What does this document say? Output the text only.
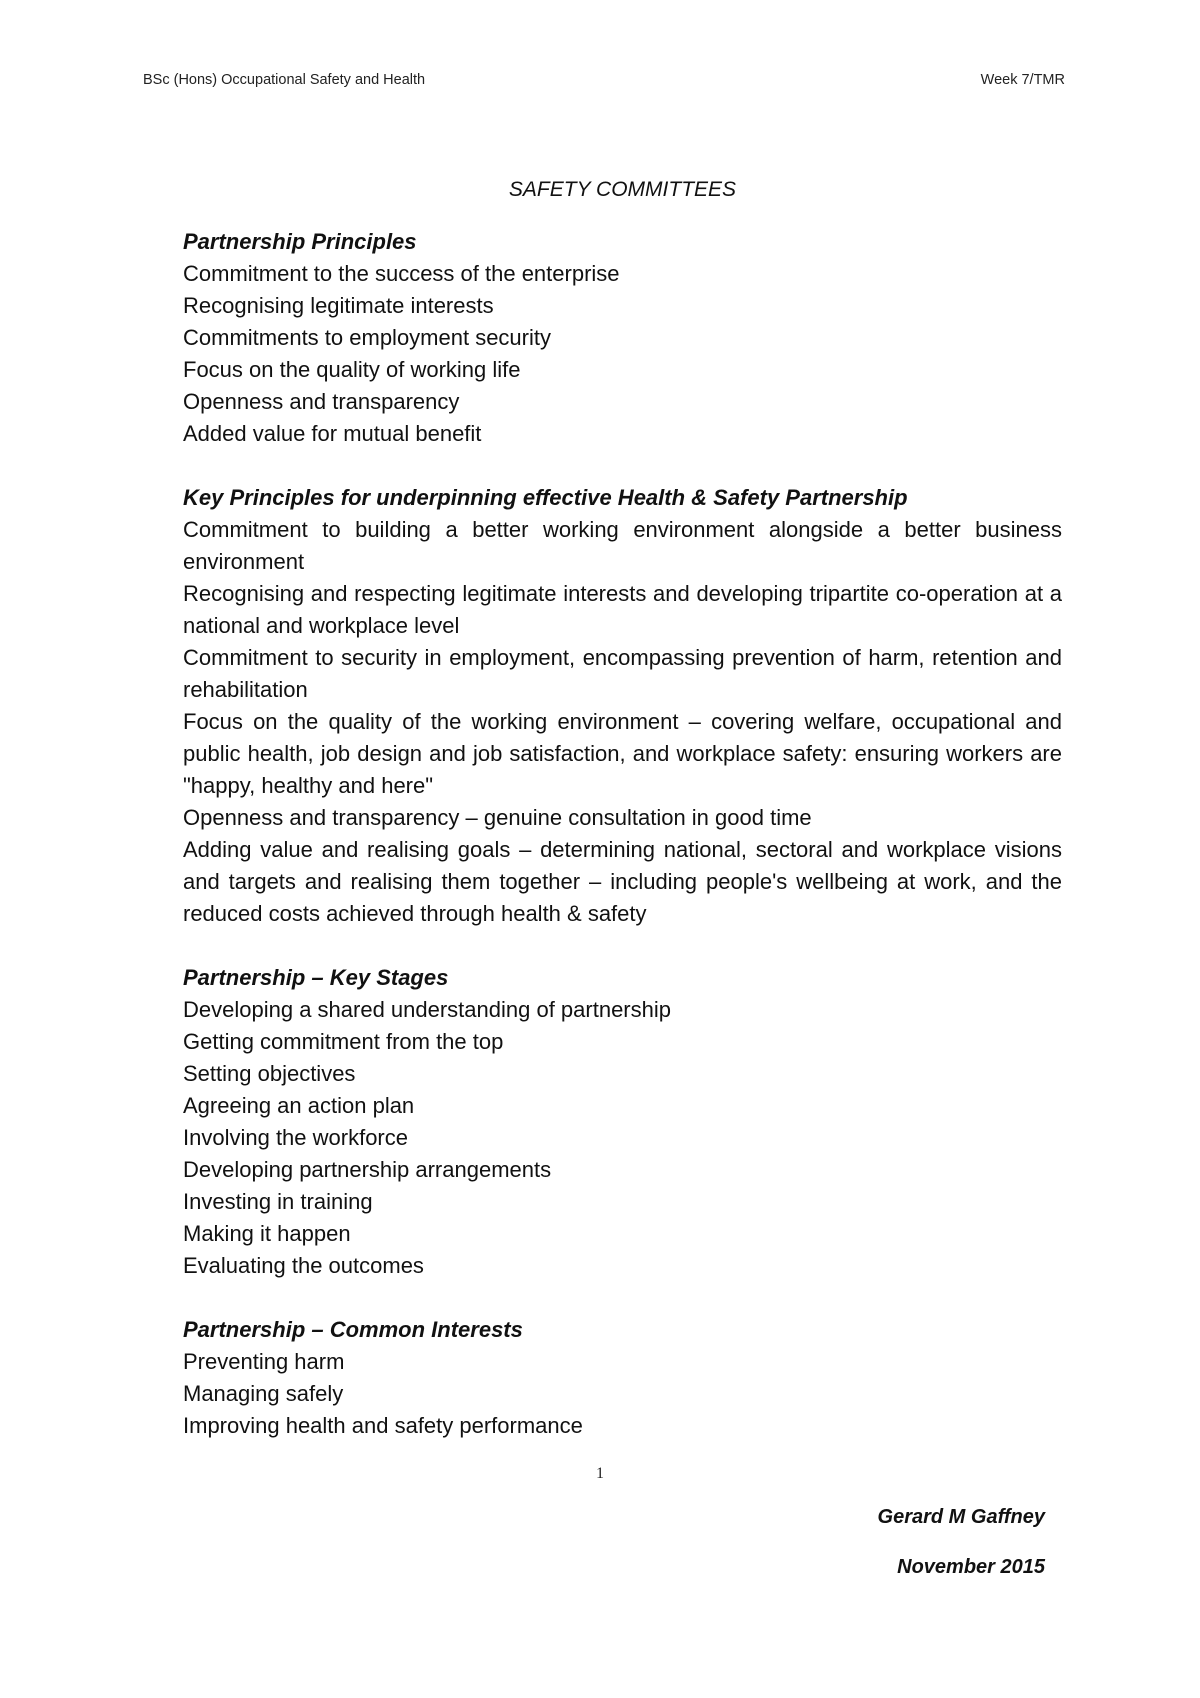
BSc (Hons) Occupational Safety and Health	Week 7/TMR
SAFETY COMMITTEES

Partnership Principles

Commitment to the success of the enterprise

Recognising legitimate interests

Commitments to employment security

Focus on the quality of working life

Openness and transparency

Added value for mutual benefit

Key Principles for underpinning effective Health & Safety Partnership

Commitment to building a better working environment alongside a better business environment

Recognising and respecting legitimate interests and developing tripartite co-operation at a national and workplace level

Commitment to security in employment, encompassing prevention of harm, retention and rehabilitation

Focus on the quality of the working environment – covering welfare, occupational and public health, job design and job satisfaction, and workplace safety: ensuring workers are "happy, healthy and here"

Openness and transparency – genuine consultation in good time

Adding value and realising goals – determining national, sectoral and workplace visions and targets and realising them together – including people's wellbeing at work, and the reduced costs achieved through health & safety

Partnership – Key Stages

Developing a shared understanding of partnership

Getting commitment from the top

Setting objectives

Agreeing an action plan

Involving the workforce

Developing partnership arrangements

Investing in training

Making it happen

Evaluating the outcomes

Partnership – Common Interests

Preventing harm

Managing safely

Improving health and safety performance

1
Gerard M Gaffney
November 2015
